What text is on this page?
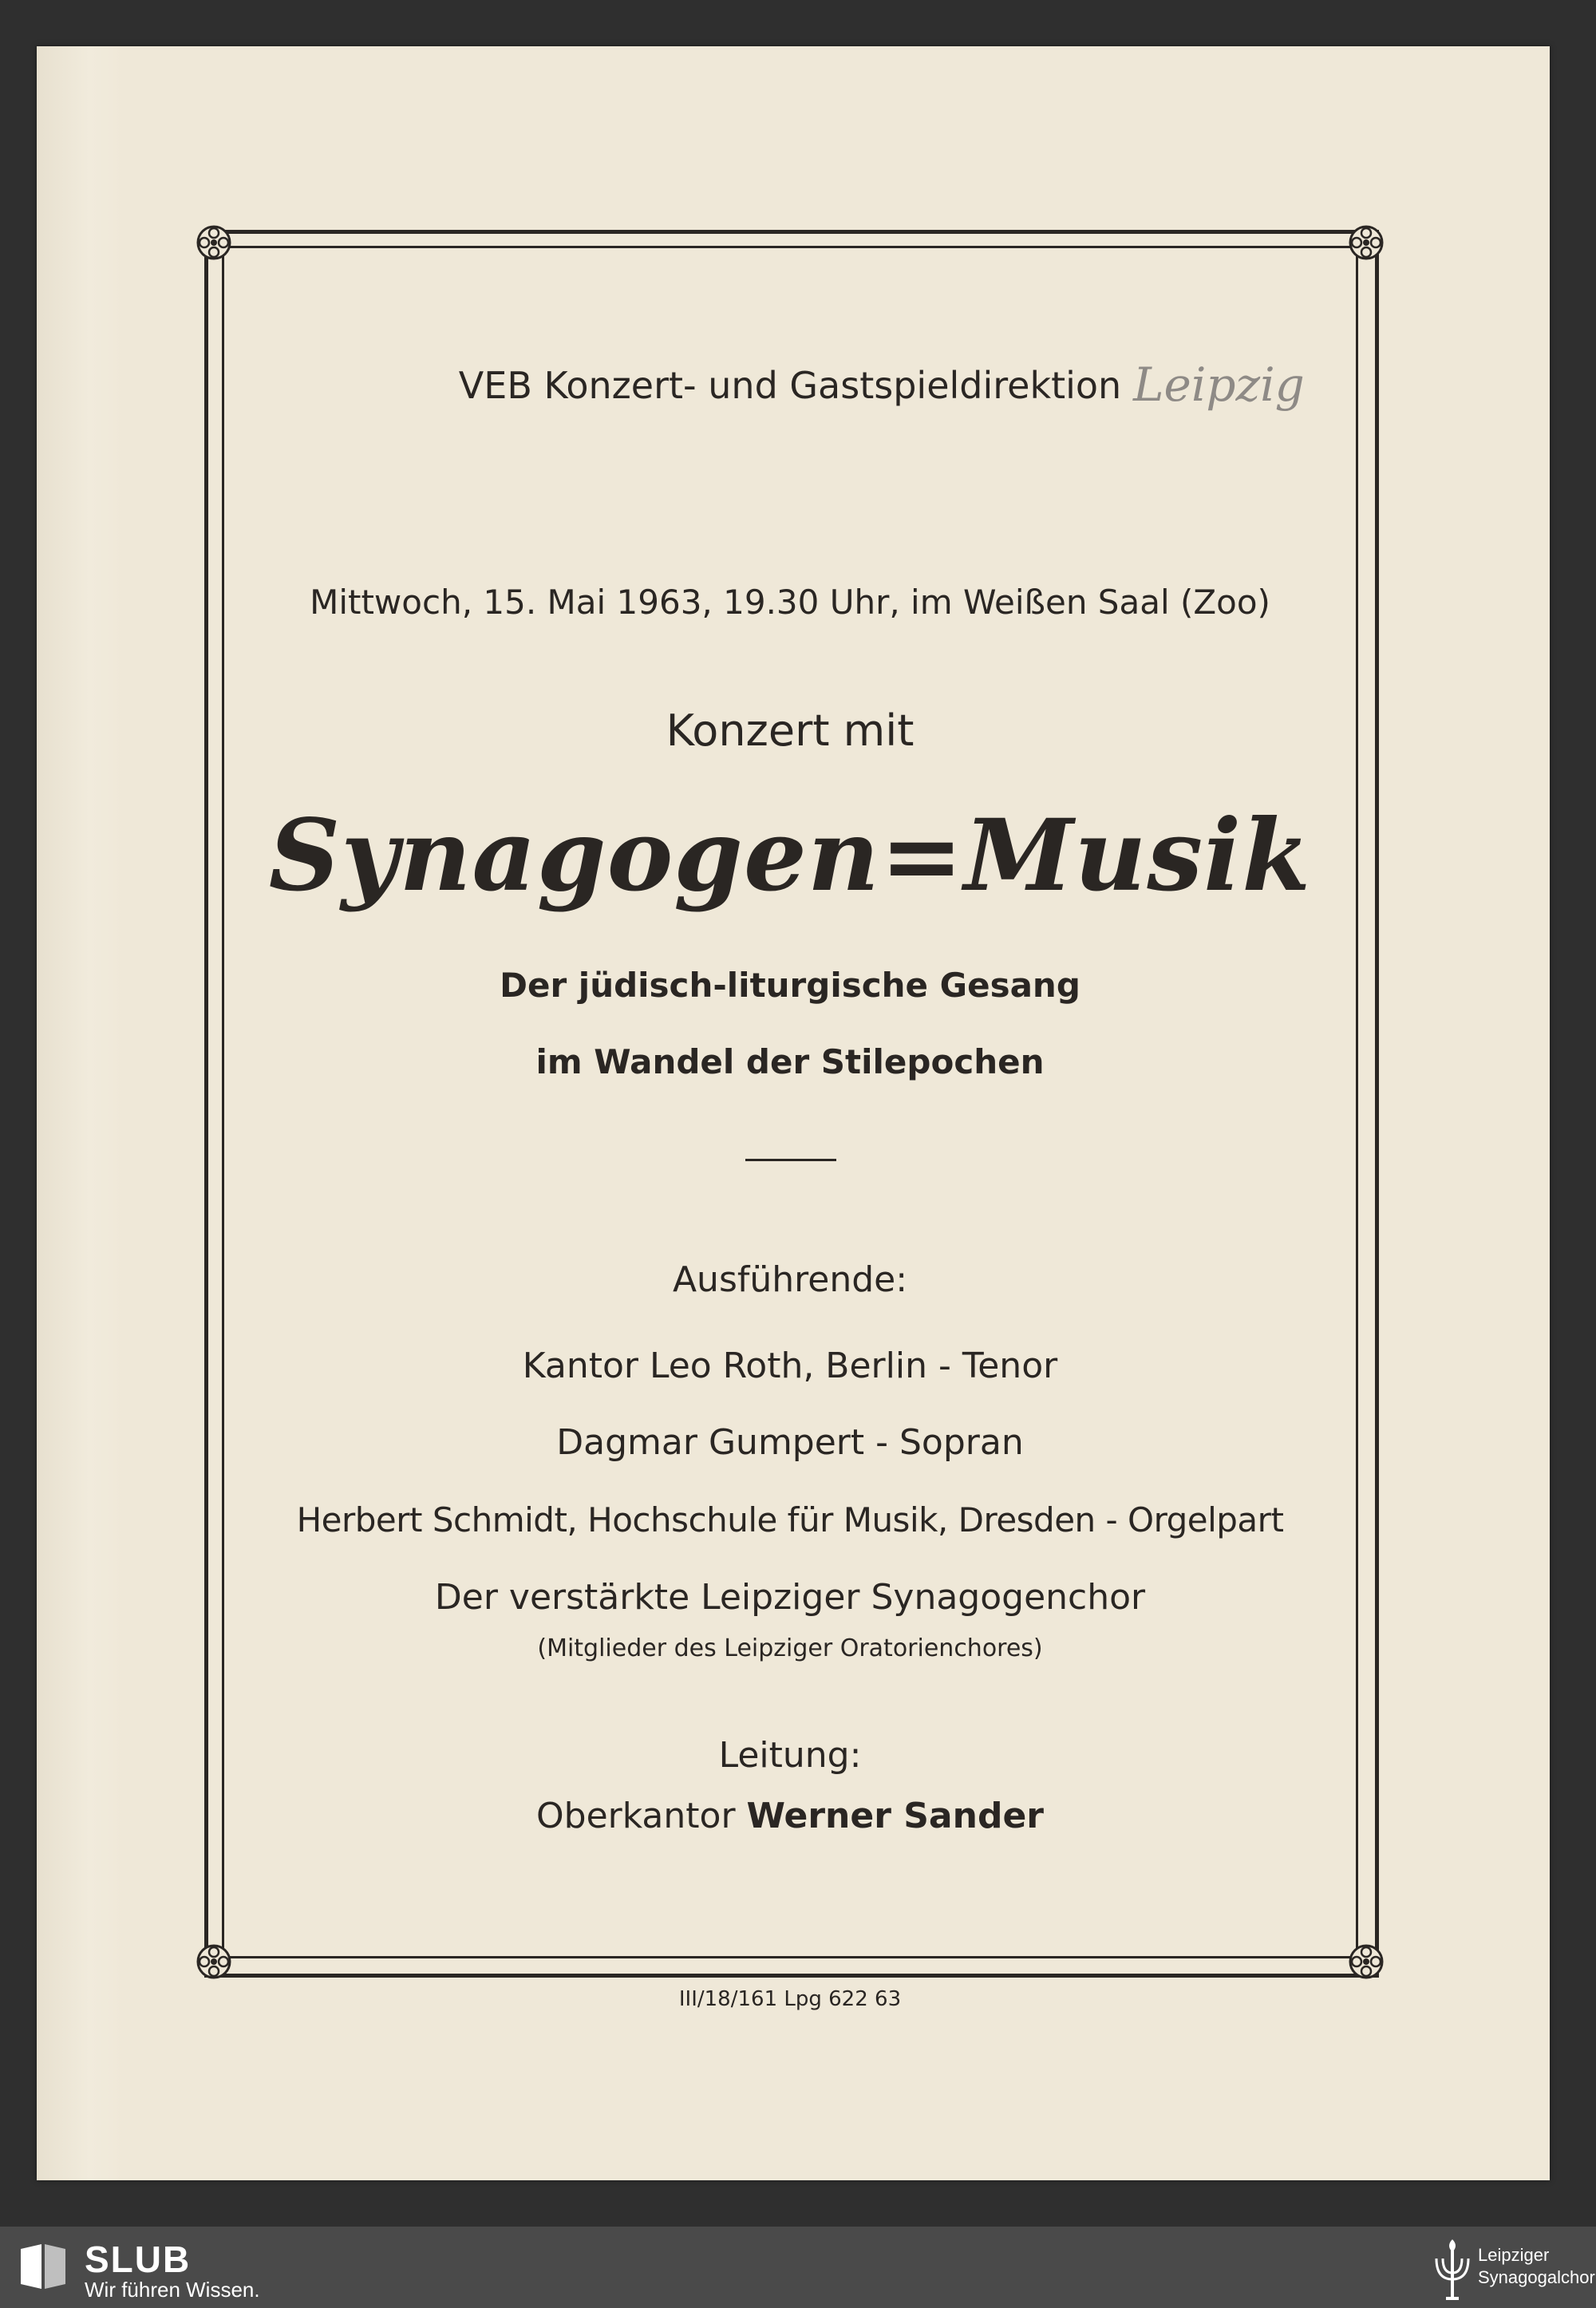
VEB Konzert- und Gastspieldirektion Leipzig
Mittwoch, 15. Mai 1963, 19.30 Uhr, im Weißen Saal (Zoo)
Konzert mit
Synagogen=Musik
Der jüdisch-liturgische Gesang
im Wandel der Stilepochen
Ausführende:
Kantor Leo Roth, Berlin - Tenor
Dagmar Gumpert - Sopran
Herbert Schmidt, Hochschule für Musik, Dresden - Orgelpart
Der verstärkte Leipziger Synagogenchor
(Mitglieder des Leipziger Oratorienchores)
Leitung:
Oberkantor Werner Sander
III/18/161 Lpg 622 63
SLUB
Wir führen Wissen.
Leipziger
Synagogalchor
